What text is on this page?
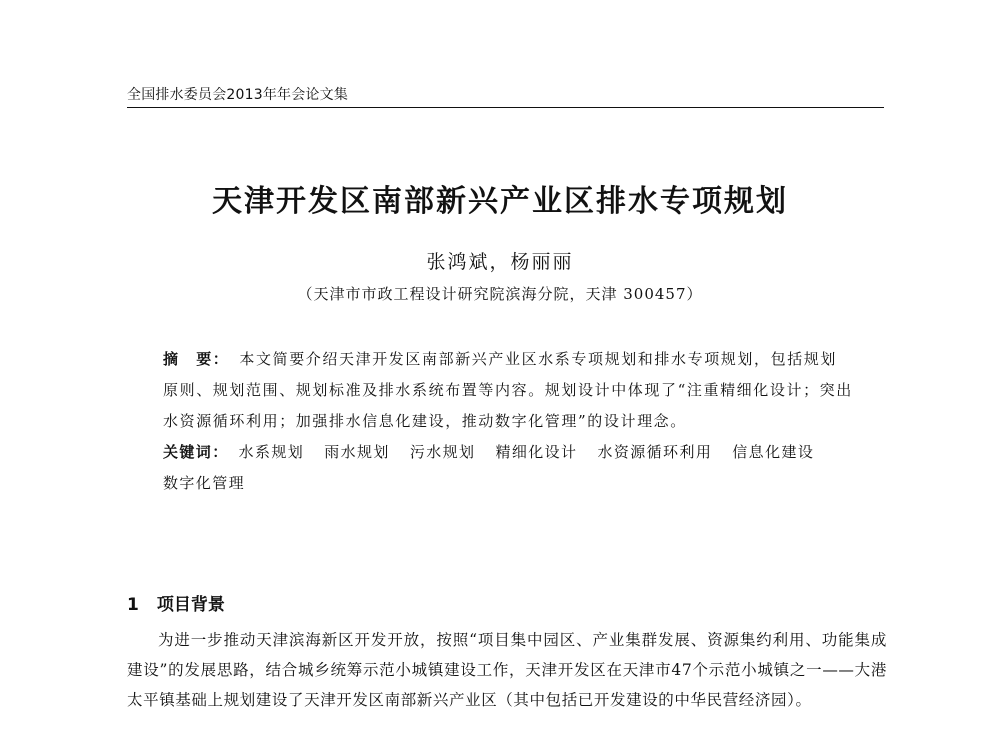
全国排水委员会2013年年会论文集
天津开发区南部新兴产业区排水专项规划
张鸿斌，杨丽丽
（天津市市政工程设计研究院滨海分院，天津 300457）
摘　要： 本文简要介绍天津开发区南部新兴产业区水系专项规划和排水专项规划，包括规划原则、规划范围、规划标准及排水系统布置等内容。规划设计中体现了“注重精细化设计；突出水资源循环利用；加强排水信息化建设，推动数字化管理”的设计理念。
关键词： 水系规划 雨水规划 污水规划 精细化设计 水资源循环利用 信息化建设
数字化管理
1 项目背景
为进一步推动天津滨海新区开发开放，按照“项目集中园区、产业集群发展、资源集约利用、功能集成建设”的发展思路，结合城乡统筹示范小城镇建设工作，天津开发区在天津市47个示范小城镇之一——大港太平镇基础上规划建设了天津开发区南部新兴产业区（其中包括已开发建设的中华民营经济园）。
